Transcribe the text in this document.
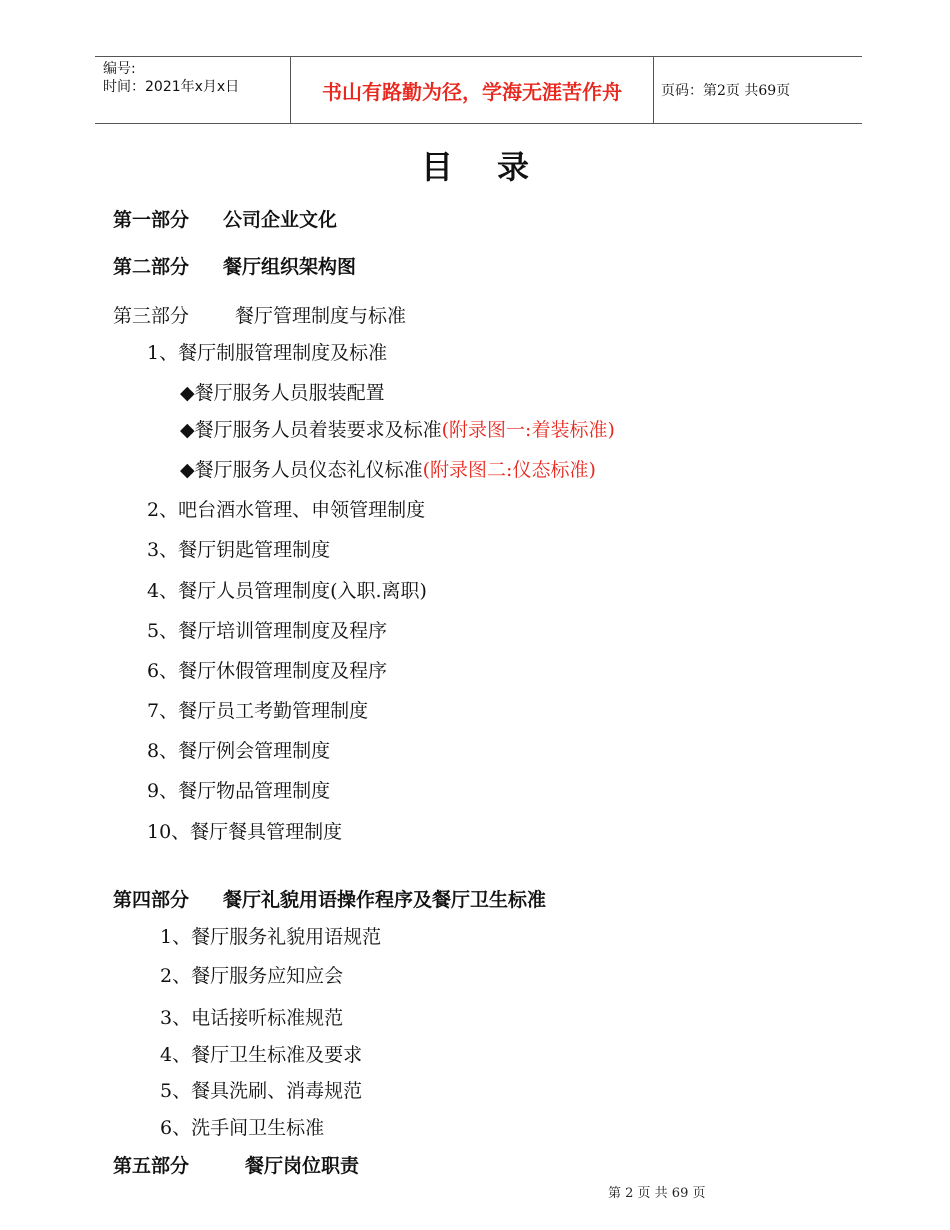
编号:
时间：2021年x月x日	书山有路勤为径，学海无涯苦作舟	页码：第2页 共69页
目录
第一部分 公司企业文化
第二部分 餐厅组织架构图
第三部分 餐厅管理制度与标准
1、餐厅制服管理制度及标准
◆餐厅服务人员服装配置
◆餐厅服务人员着装要求及标准(附录图一:着装标准)
◆餐厅服务人员仪态礼仪标准(附录图二:仪态标准)
2、吧台酒水管理、申领管理制度
3、餐厅钥匙管理制度
4、餐厅人员管理制度(入职.离职)
5、餐厅培训管理制度及程序
6、餐厅休假管理制度及程序
7、餐厅员工考勤管理制度
8、餐厅例会管理制度
9、餐厅物品管理制度
10、餐厅餐具管理制度
第四部分 餐厅礼貌用语操作程序及餐厅卫生标准
1、餐厅服务礼貌用语规范
2、餐厅服务应知应会
3、电话接听标准规范
4、餐厅卫生标准及要求
5、餐具洗刷、消毒规范
6、洗手间卫生标准
第五部分	餐厅岗位职责
第 2 页 共 69 页
